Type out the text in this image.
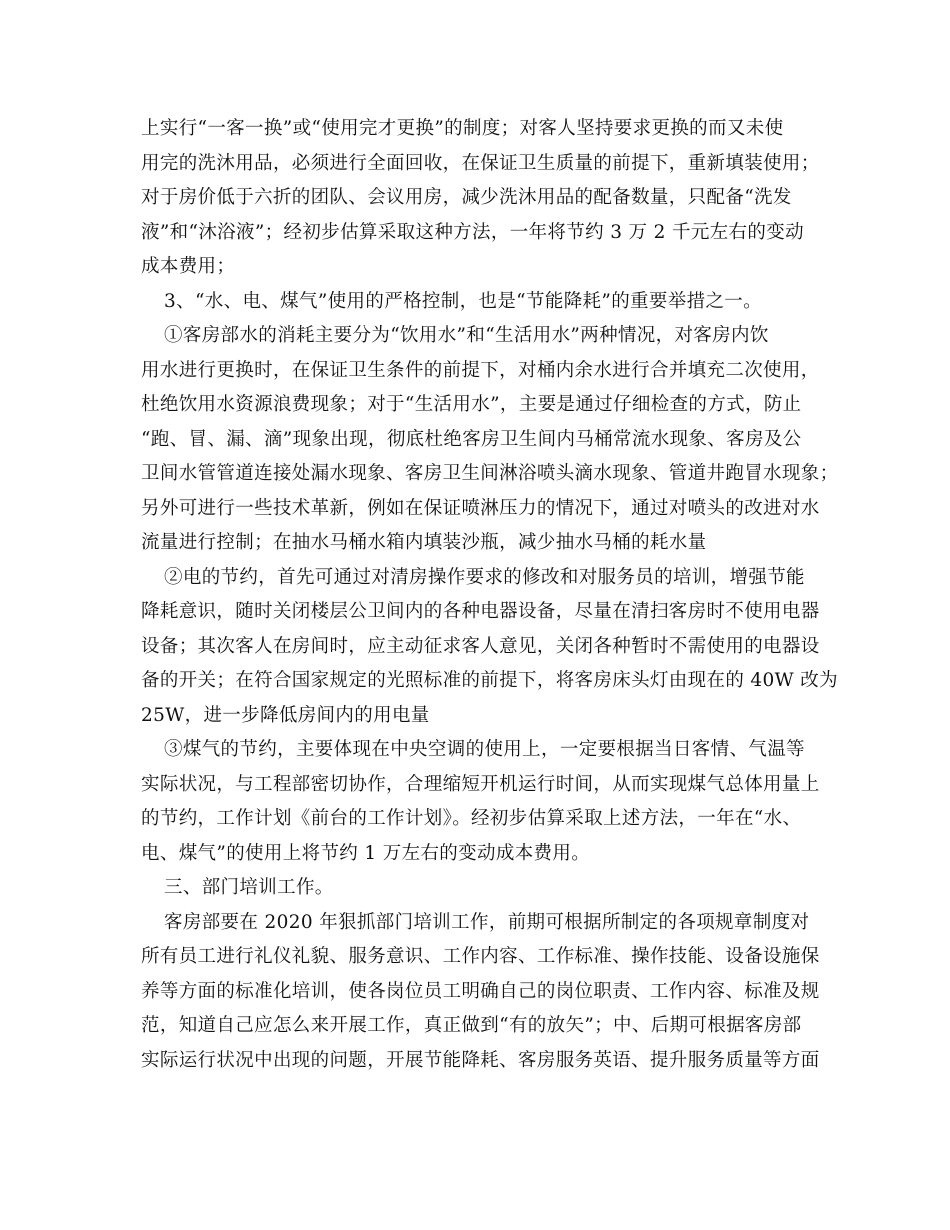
上实行“一客一换”或“使用完才更换”的制度；对客人坚持要求更换的而又未使
用完的洗沐用品，必须进行全面回收，在保证卫生质量的前提下，重新填装使用；
对于房价低于六折的团队、会议用房，减少洗沐用品的配备数量，只配备“洗发
液”和“沐浴液”；经初步估算采取这种方法，一年将节约 3 万 2 千元左右的变动
成本费用；
3、“水、电、煤气”使用的严格控制，也是“节能降耗”的重要举措之一。
①客房部水的消耗主要分为“饮用水”和“生活用水”两种情况，对客房内饮
用水进行更换时，在保证卫生条件的前提下，对桶内余水进行合并填充二次使用，
杜绝饮用水资源浪费现象；对于“生活用水”，主要是通过仔细检查的方式，防止
“跑、冒、漏、滴”现象出现，彻底杜绝客房卫生间内马桶常流水现象、客房及公
卫间水管管道连接处漏水现象、客房卫生间淋浴喷头滴水现象、管道井跑冒水现象；
另外可进行一些技术革新，例如在保证喷淋压力的情况下，通过对喷头的改进对水
流量进行控制；在抽水马桶水箱内填装沙瓶，减少抽水马桶的耗水量
②电的节约，首先可通过对清房操作要求的修改和对服务员的培训，增强节能
降耗意识，随时关闭楼层公卫间内的各种电器设备，尽量在清扫客房时不使用电器
设备；其次客人在房间时，应主动征求客人意见，关闭各种暂时不需使用的电器设
备的开关；在符合国家规定的光照标准的前提下，将客房床头灯由现在的 40W 改为
25W，进一步降低房间内的用电量
③煤气的节约，主要体现在中央空调的使用上，一定要根据当日客情、气温等
实际状况，与工程部密切协作，合理缩短开机运行时间，从而实现煤气总体用量上
的节约，工作计划《前台的工作计划》。经初步估算采取上述方法，一年在“水、
电、煤气”的使用上将节约 1 万左右的变动成本费用。
三、部门培训工作。
客房部要在 2020 年狠抓部门培训工作，前期可根据所制定的各项规章制度对
所有员工进行礼仪礼貌、服务意识、工作内容、工作标准、操作技能、设备设施保
养等方面的标准化培训，使各岗位员工明确自己的岗位职责、工作内容、标准及规
范，知道自己应怎么来开展工作，真正做到“有的放矢”；中、后期可根据客房部
实际运行状况中出现的问题，开展节能降耗、客房服务英语、提升服务质量等方面
